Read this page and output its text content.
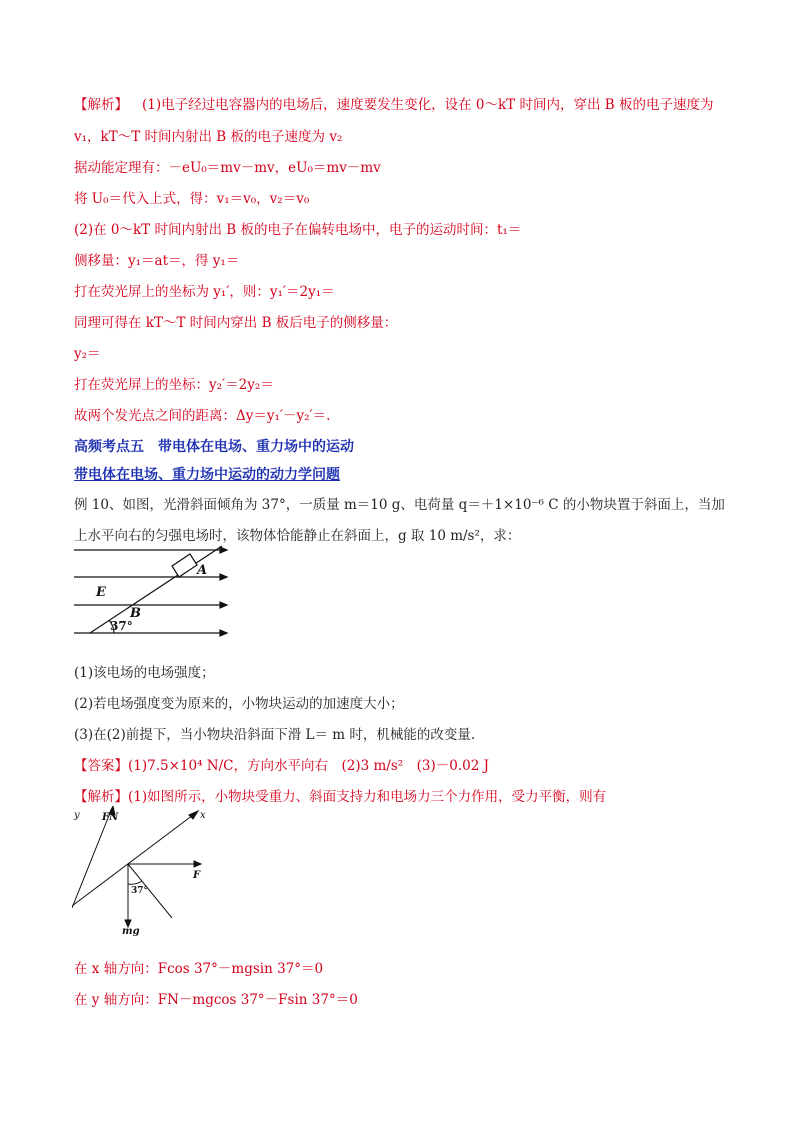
【解析】 (1)电子经过电容器内的电场后，速度要发生变化，设在 0～kT 时间内，穿出 B 板的电子速度为
v₁，kT～T 时间内射出 B 板的电子速度为 v₂
据动能定理有：－eU₀＝mv－mv，eU₀＝mv－mv
将 U₀＝代入上式，得：v₁＝v₀，v₂＝v₀
(2)在 0～kT 时间内射出 B 板的电子在偏转电场中，电子的运动时间：t₁＝
侧移量：y₁＝at＝，得 y₁＝
打在荧光屏上的坐标为 y₁′，则：y₁′＝2y₁＝
同理可得在 kT～T 时间内穿出 B 板后电子的侧移量：
y₂＝
打在荧光屏上的坐标：y₂′＝2y₂＝
故两个发光点之间的距离：Δy＝y₁′－y₂′＝.
高频考点五　带电体在电场、重力场中的运动
带电体在电场、重力场中运动的动力学问题
例 10、如图，光滑斜面倾角为 37°，一质量 m＝10 g、电荷量 q＝＋1×10⁻⁶ C 的小物块置于斜面上，当加
上水平向右的匀强电场时，该物体恰能静止在斜面上，g 取 10 m/s²，求：
A
E
B
37°
(1)该电场的电场强度；
(2)若电场强度变为原来的，小物块运动的加速度大小；
(3)在(2)前提下，当小物块沿斜面下滑 L＝ m 时，机械能的改变量.
【答案】(1)7.5×10⁴ N/C，方向水平向右　(2)3 m/s²　(3)－0.02 J
【解析】(1)如图所示，小物块受重力、斜面支持力和电场力三个力作用，受力平衡，则有
y FN	x
F
37°
mg
在 x 轴方向：Fcos 37°－mgsin 37°＝0
在 y 轴方向：FN－mgcos 37°－Fsin 37°＝0
